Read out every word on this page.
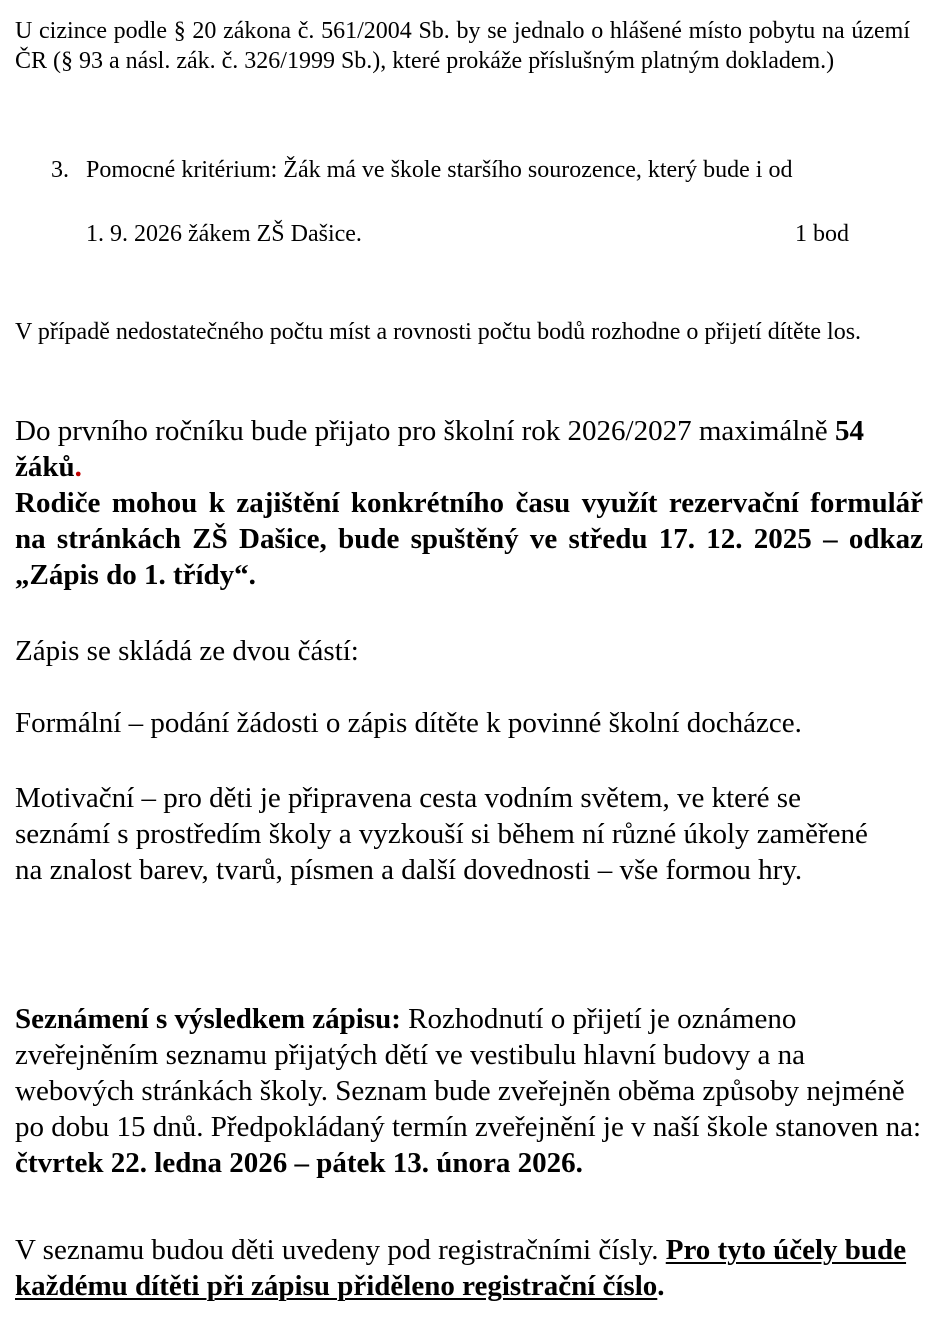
U cizince podle § 20 zákona č. 561/2004 Sb. by se jednalo o hlášené místo pobytu na území ČR (§ 93 a násl. zák. č. 326/1999 Sb.), které prokáže příslušným platným dokladem.)

3. Pomocné kritérium: Žák má ve škole staršího sourozence, který bude i od
1. 9. 2026 žákem ZŠ Dašice.	1 bod

V případě nedostatečného počtu míst a rovnosti počtu bodů rozhodne o přijetí dítěte los.

Do prvního ročníku bude přijato pro školní rok 2026/2027 maximálně 54 žáků.

Rodiče mohou k zajištění konkrétního času využít rezervační formulář na stránkách ZŠ Dašice, bude spuštěný ve středu 17. 12. 2025 – odkaz „Zápis do 1. třídy“.

Zápis se skládá ze dvou částí:

Formální – podání žádosti o zápis dítěte k povinné školní docházce.

Motivační – pro děti je připravena cesta vodním světem, ve které se seznámí s prostředím školy a vyzkouší si během ní různé úkoly zaměřené na znalost barev, tvarů, písmen a další dovednosti – vše formou hry.

Seznámení s výsledkem zápisu: Rozhodnutí o přijetí je oznámeno zveřejněním seznamu přijatých dětí ve vestibulu hlavní budovy a na webových stránkách školy. Seznam bude zveřejněn oběma způsoby nejméně po dobu 15 dnů. Předpokládaný termín zveřejnění je v naší škole stanoven na: čtvrtek 22. ledna 2026 – pátek 13. února 2026.

V seznamu budou děti uvedeny pod registračními čísly. Pro tyto účely bude každému dítěti při zápisu přiděleno registrační číslo.
